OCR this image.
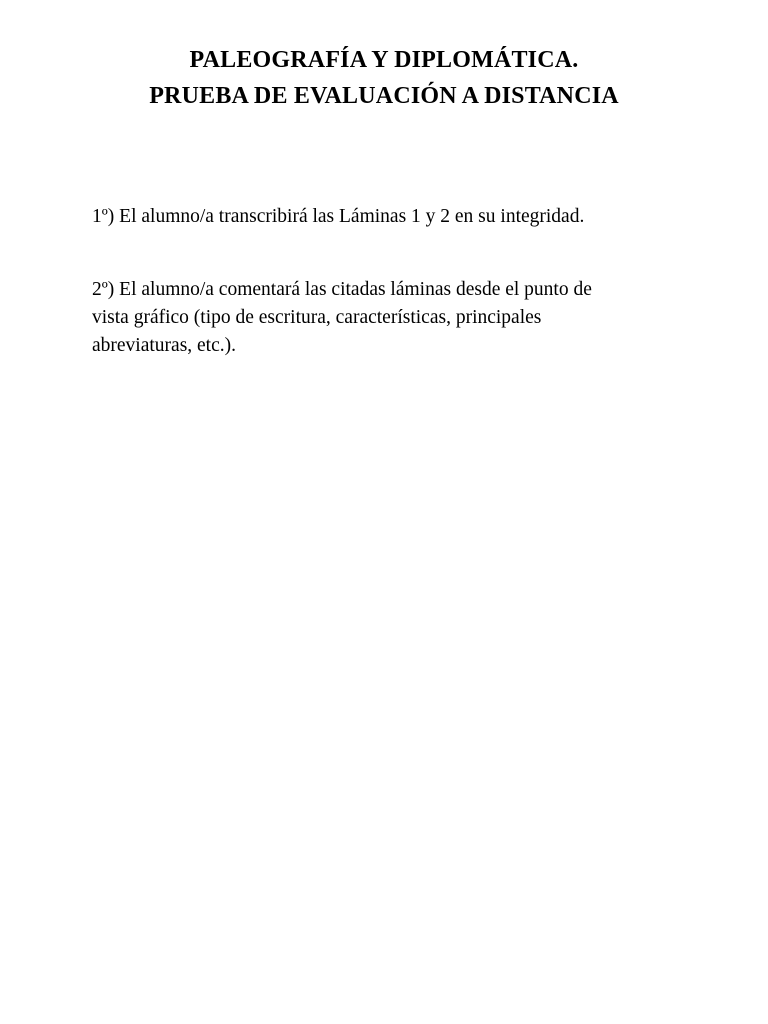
PALEOGRAFÍA Y DIPLOMÁTICA.
PRUEBA DE EVALUACIÓN A DISTANCIA
1º) El alumno/a transcribirá las Láminas 1 y 2 en su integridad.
2º) El alumno/a comentará las citadas láminas desde el punto de
vista gráfico (tipo de escritura, características, principales
abreviaturas, etc.).
